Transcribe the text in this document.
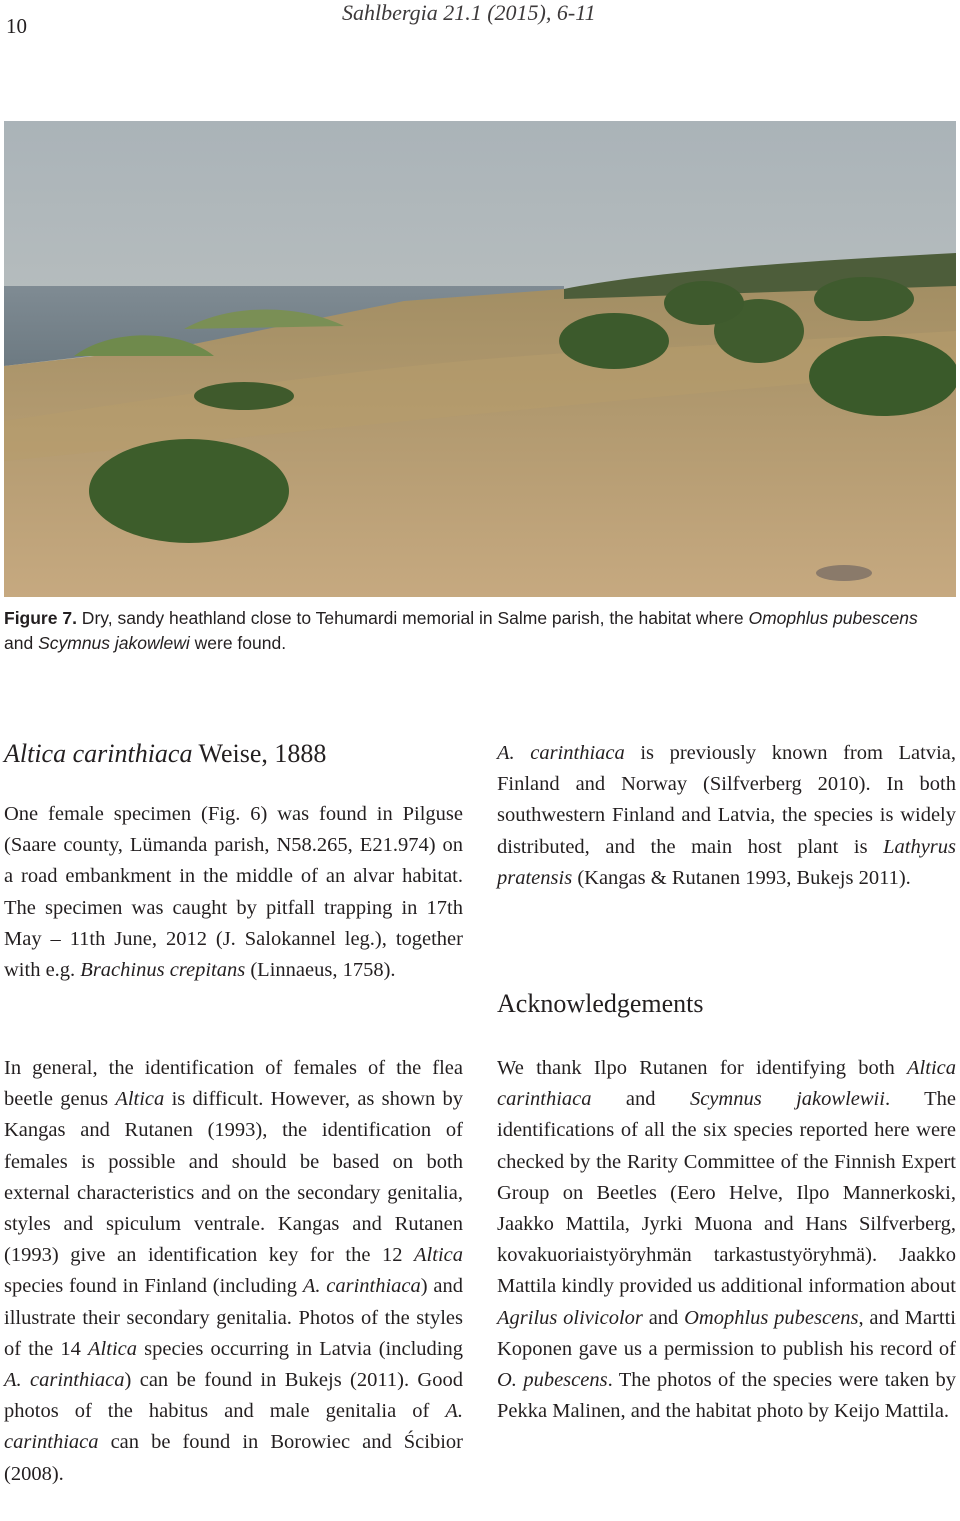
10
Sahlbergia 21.1 (2015), 6-11
Figure 7. Dry, sandy heathland close to Tehumardi memorial in Salme parish, the habitat where Omophlus pubescens and Scymnus jakowlewi were found.
Altica carinthiaca Weise, 1888

One female specimen (Fig. 6) was found in Pilguse (Saare county, Lümanda parish, N58.265, E21.974) on a road embankment in the middle of an alvar habitat. The specimen was caught by pitfall trapping in 17th May – 11th June, 2012 (J. Salokannel leg.), together with e.g. Brachinus crepitans (Linnaeus, 1758).

In general, the identification of females of the flea beetle genus Altica is difficult. However, as shown by Kangas and Rutanen (1993), the identification of females is possible and should be based on both external characteristics and on the secondary genitalia, styles and spiculum ventrale. Kangas and Rutanen (1993) give an identification key for the 12 Altica species found in Finland (including A. carinthiaca) and illustrate their secondary genitalia. Photos of the styles of the 14 Altica species occurring in Latvia (including A. carinthiaca) can be found in Bukejs (2011). Good photos of the habitus and male genitalia of A. carinthiaca can be found in Borowiec and Ścibior (2008).

A. carinthiaca is previously known from Latvia, Finland and Norway (Silfverberg 2010). In both southwestern Finland and Latvia, the species is widely distributed, and the main host plant is Lathyrus pratensis (Kangas & Rutanen 1993, Bukejs 2011).

Acknowledgements

We thank Ilpo Rutanen for identifying both Altica carinthiaca and Scymnus jakowlewii. The identifications of all the six species reported here were checked by the Rarity Committee of the Finnish Expert Group on Beetles (Eero Helve, Ilpo Mannerkoski, Jaakko Mattila, Jyrki Muona and Hans Silfverberg, kovakuoriaistyöryhmän tarkastustyöryhmä). Jaakko Mattila kindly provided us additional information about Agrilus olivicolor and Omophlus pubescens, and Martti Koponen gave us a permission to publish his record of O. pubescens. The photos of the species were taken by Pekka Malinen, and the habitat photo by Keijo Mattila.
